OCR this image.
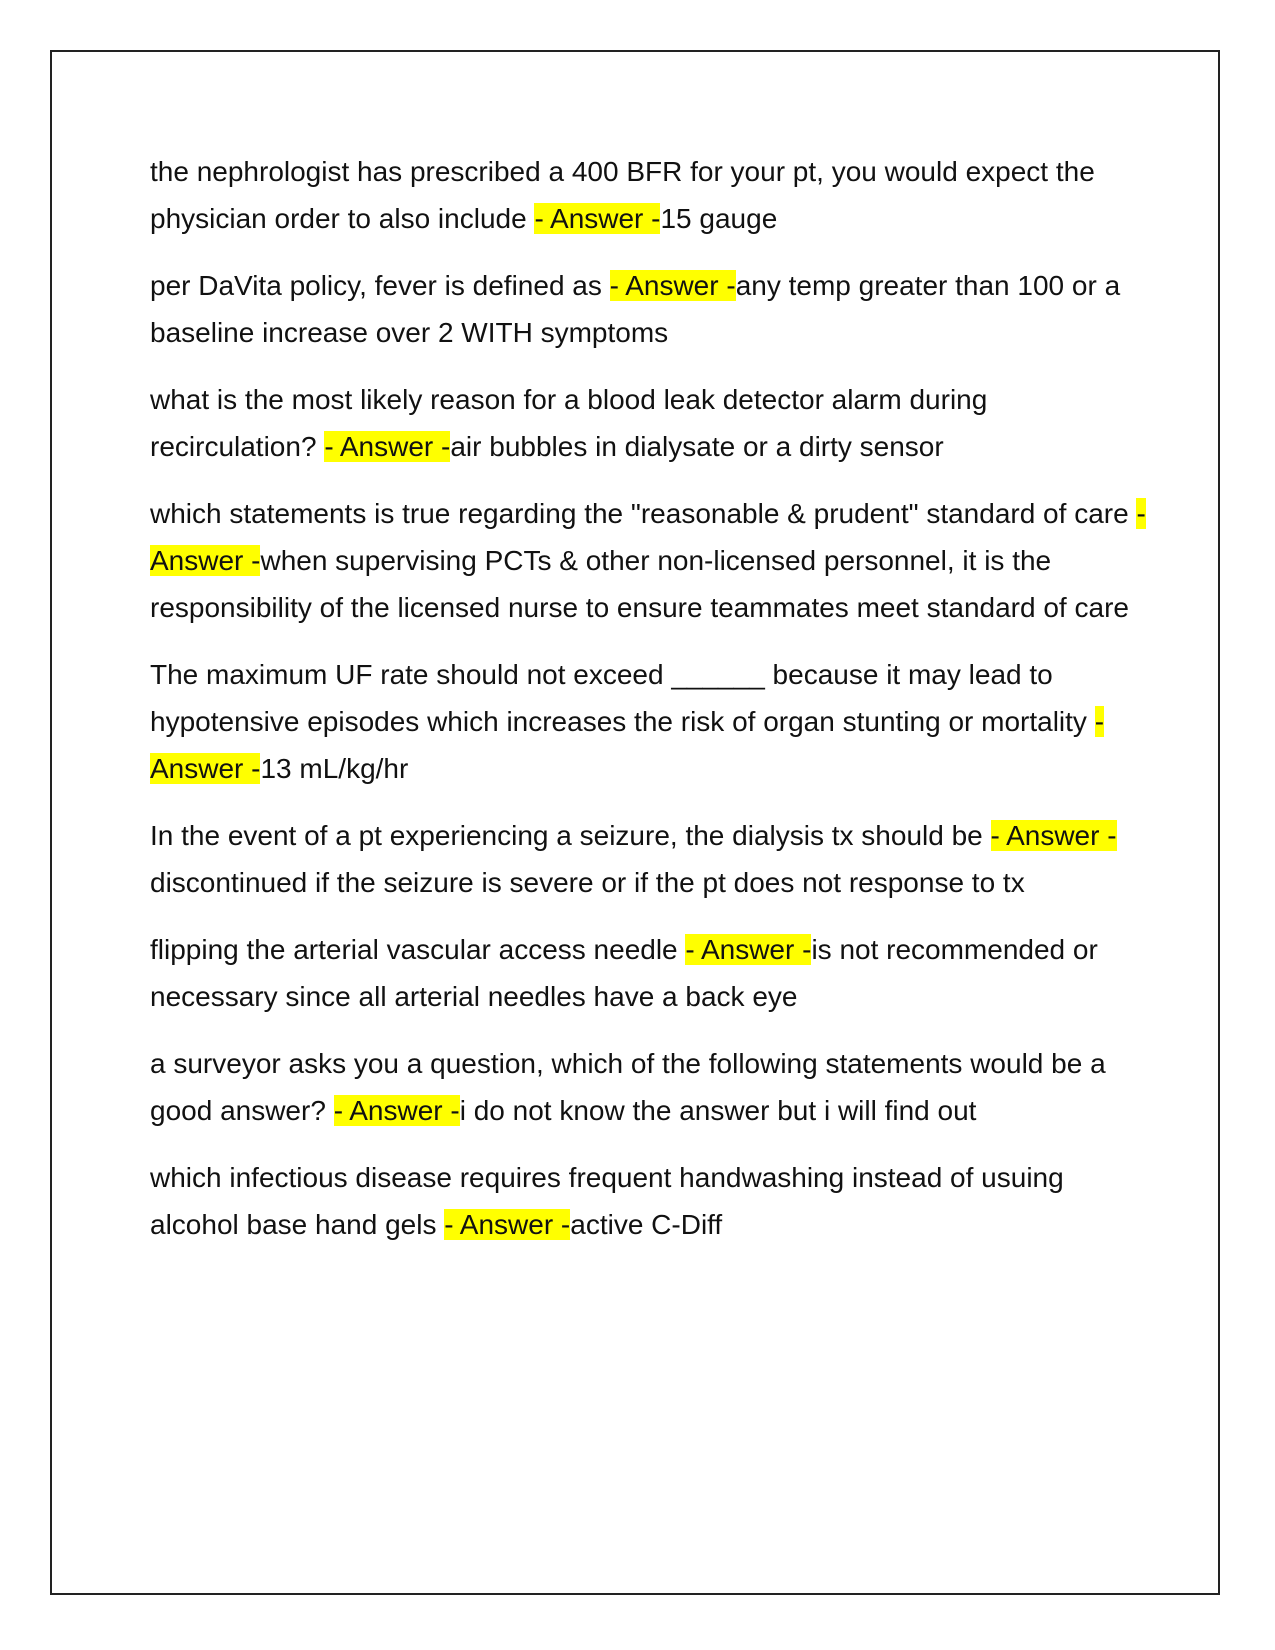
the nephrologist has prescribed a 400 BFR for your pt, you would expect the physician order to also include - Answer -15 gauge

per DaVita policy, fever is defined as - Answer -any temp greater than 100 or a baseline increase over 2 WITH symptoms

what is the most likely reason for a blood leak detector alarm during recirculation? - Answer -air bubbles in dialysate or a dirty sensor

which statements is true regarding the "reasonable & prudent" standard of care - Answer -when supervising PCTs & other non-licensed personnel, it is the responsibility of the licensed nurse to ensure teammates meet standard of care

The maximum UF rate should not exceed ______ because it may lead to hypotensive episodes which increases the risk of organ stunting or mortality - Answer -13 mL/kg/hr

In the event of a pt experiencing a seizure, the dialysis tx should be - Answer -discontinued if the seizure is severe or if the pt does not response to tx

flipping the arterial vascular access needle - Answer -is not recommended or necessary since all arterial needles have a back eye

a surveyor asks you a question, which of the following statements would be a good answer? - Answer -i do not know the answer but i will find out

which infectious disease requires frequent handwashing instead of usuing alcohol base hand gels - Answer -active C-Diff
